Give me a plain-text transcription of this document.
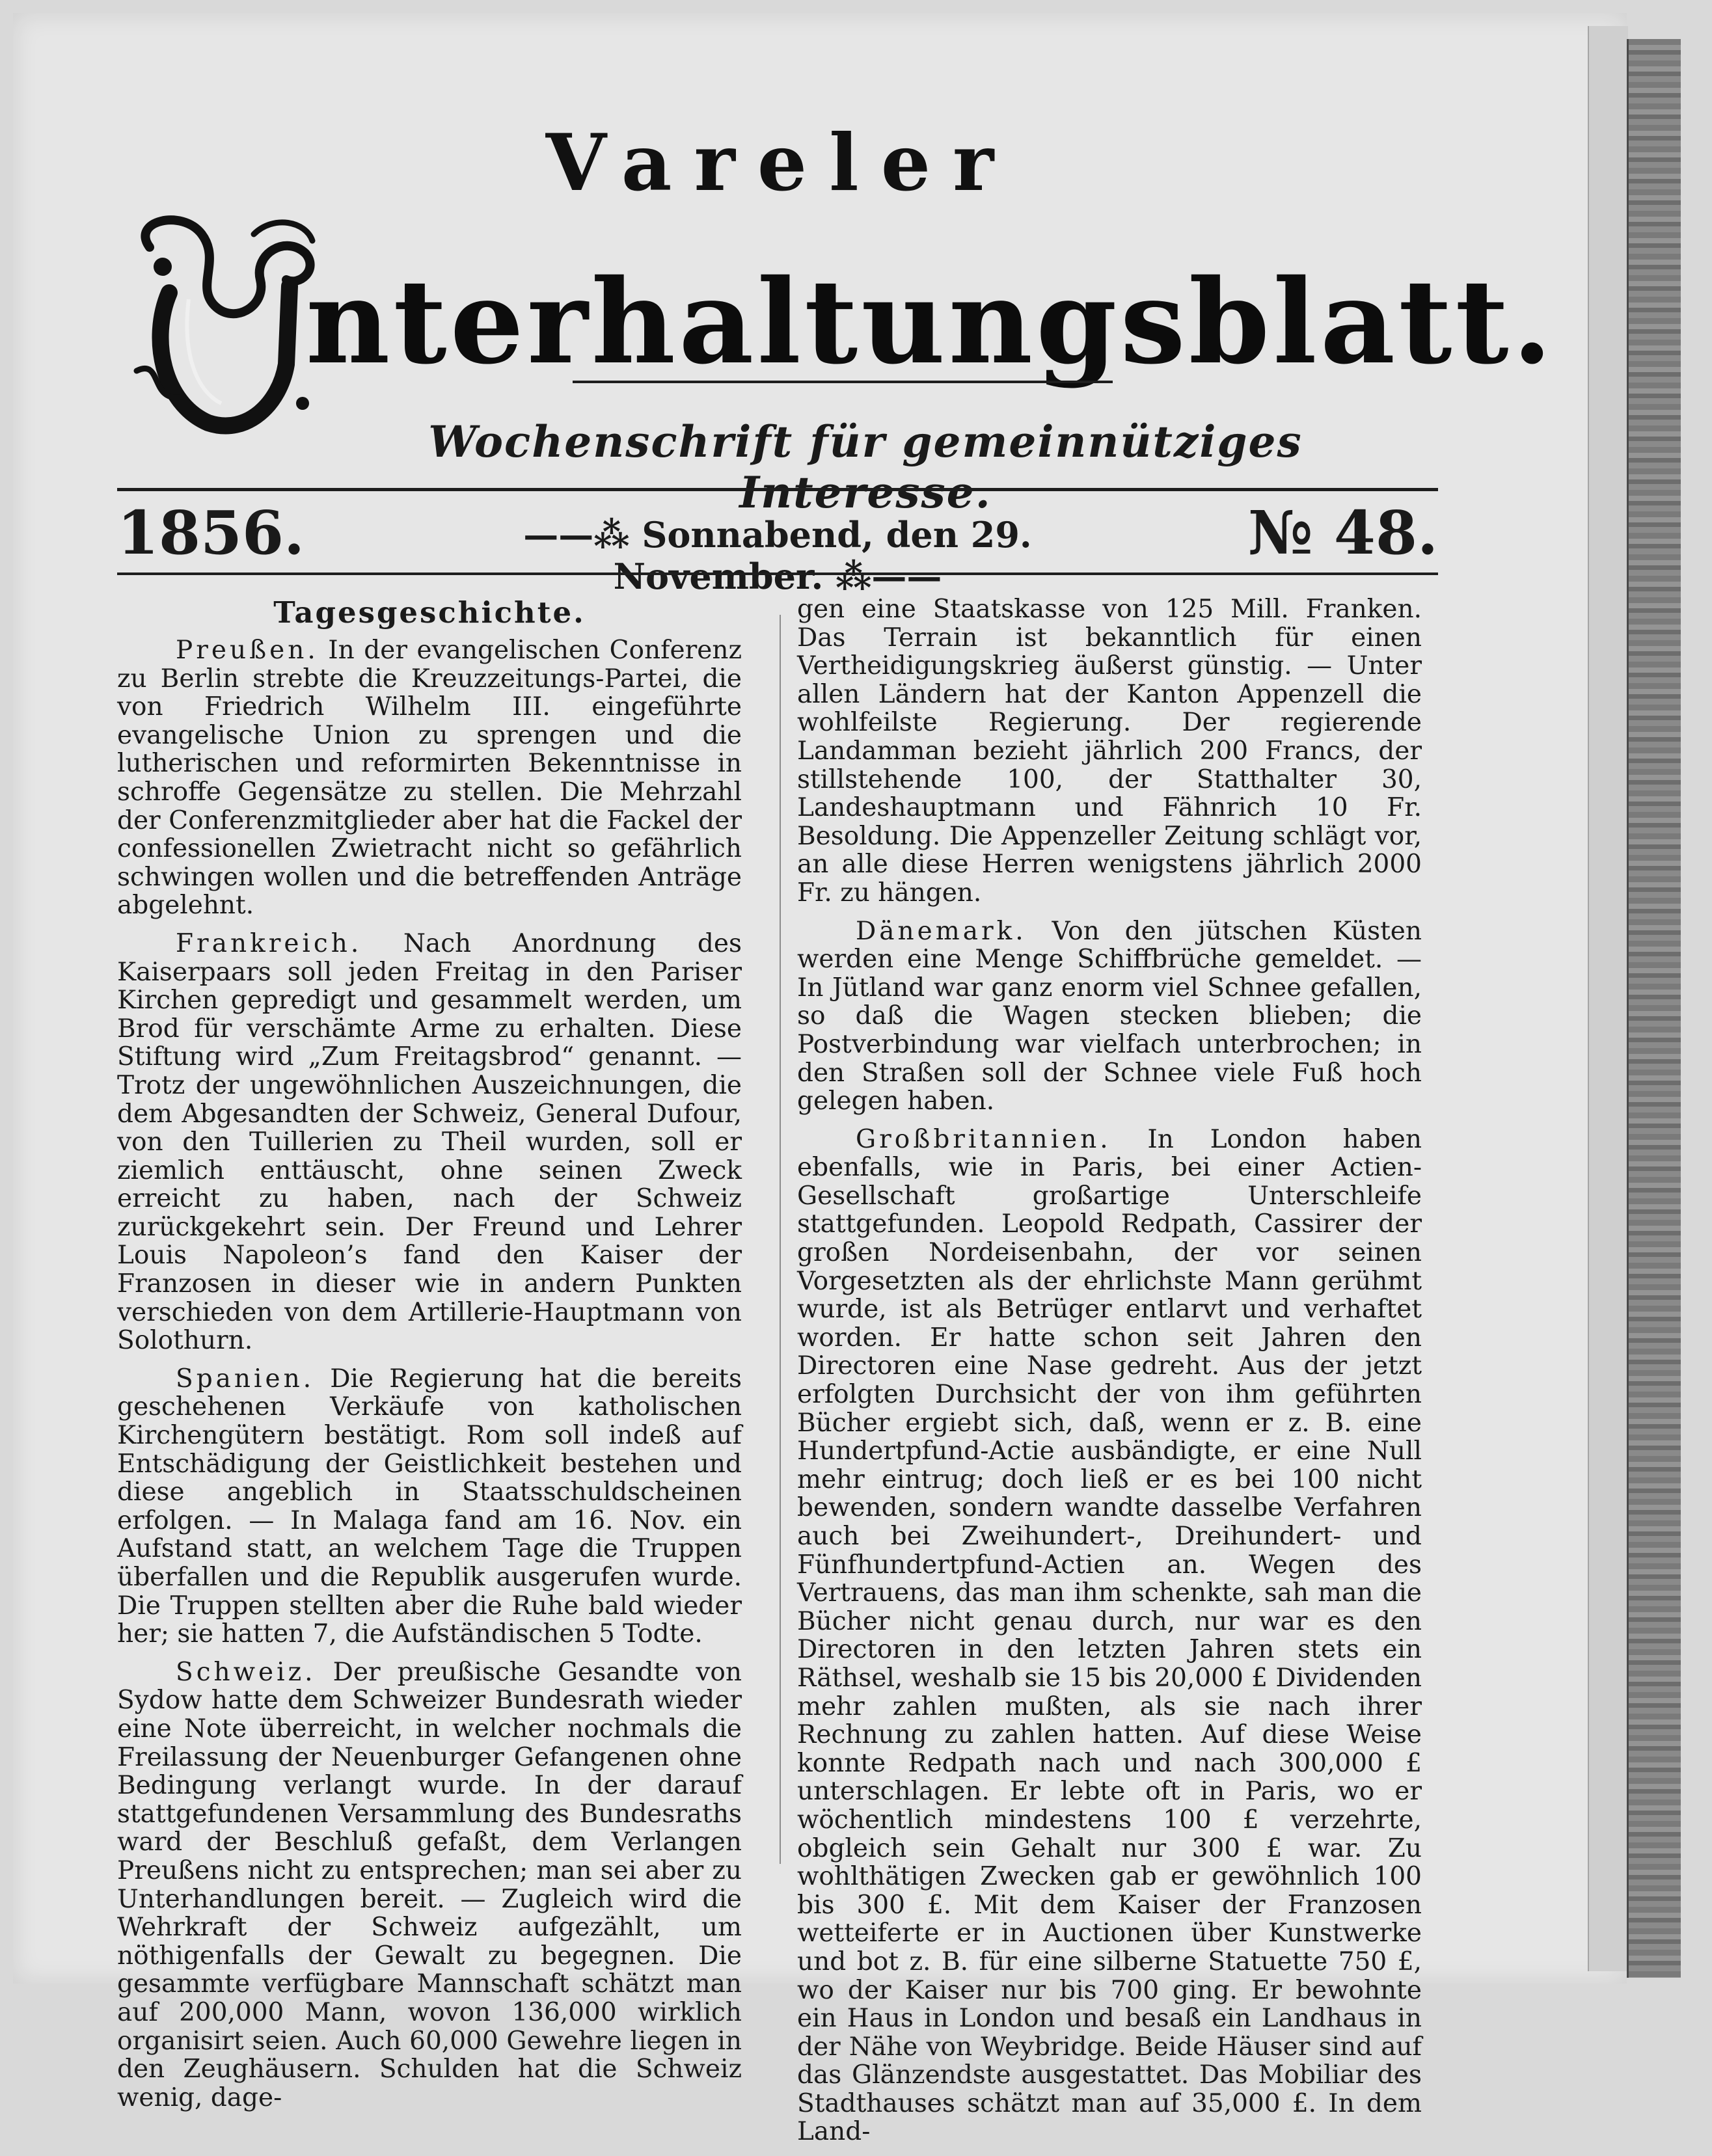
Vareler
nterhaltungsblatt.
Wochenschrift für gemeinnütziges Interesse.
1856.	——⁂ Sonnabend, den 29. November. ⁂——
№ 48.
Tagesgeschichte.

Preußen. In der evangelischen Conferenz zu Berlin strebte die Kreuzzeitungs-Partei, die von Friedrich Wilhelm III. eingeführte evangelische Union zu sprengen und die lutherischen und reformirten Bekenntnisse in schroffe Gegensätze zu stellen. Die Mehrzahl der Conferenzmitglieder aber hat die Fackel der confessionellen Zwietracht nicht so gefährlich schwingen wollen und die betreffenden Anträge abgelehnt.

Frankreich. Nach Anordnung des Kaiserpaars soll jeden Freitag in den Pariser Kirchen gepredigt und gesammelt werden, um Brod für verschämte Arme zu erhalten. Diese Stiftung wird „Zum Freitagsbrod“ genannt. — Trotz der ungewöhnlichen Auszeichnungen, die dem Abgesandten der Schweiz, General Dufour, von den Tuillerien zu Theil wurden, soll er ziemlich enttäuscht, ohne seinen Zweck erreicht zu haben, nach der Schweiz zurückgekehrt sein. Der Freund und Lehrer Louis Napoleon’s fand den Kaiser der Franzosen in dieser wie in andern Punkten verschieden von dem Artillerie-Hauptmann von Solothurn.

Spanien. Die Regierung hat die bereits geschehenen Verkäufe von katholischen Kirchengütern bestätigt. Rom soll indeß auf Entschädigung der Geistlichkeit bestehen und diese angeblich in Staatsschuldscheinen erfolgen. — In Malaga fand am 16. Nov. ein Aufstand statt, an welchem Tage die Truppen überfallen und die Republik ausgerufen wurde. Die Truppen stellten aber die Ruhe bald wieder her; sie hatten 7, die Aufständischen 5 Todte.

Schweiz. Der preußische Gesandte von Sydow hatte dem Schweizer Bundesrath wieder eine Note überreicht, in welcher nochmals die Freilassung der Neuenburger Gefangenen ohne Bedingung verlangt wurde. In der darauf stattgefundenen Versammlung des Bundesraths ward der Beschluß gefaßt, dem Verlangen Preußens nicht zu entsprechen; man sei aber zu Unterhandlungen bereit. — Zugleich wird die Wehrkraft der Schweiz aufgezählt, um nöthigenfalls der Gewalt zu begegnen. Die gesammte verfügbare Mannschaft schätzt man auf 200,000 Mann, wovon 136,000 wirklich organisirt seien. Auch 60,000 Gewehre liegen in den Zeughäusern. Schulden hat die Schweiz wenig, dage-

gen eine Staatskasse von 125 Mill. Franken. Das Terrain ist bekanntlich für einen Vertheidigungskrieg äußerst günstig. — Unter allen Ländern hat der Kanton Appenzell die wohlfeilste Regierung. Der regierende Landamman bezieht jährlich 200 Francs, der stillstehende 100, der Statthalter 30, Landeshauptmann und Fähnrich 10 Fr. Besoldung. Die Appenzeller Zeitung schlägt vor, an alle diese Herren wenigstens jährlich 2000 Fr. zu hängen.

Dänemark. Von den jütschen Küsten werden eine Menge Schiffbrüche gemeldet. — In Jütland war ganz enorm viel Schnee gefallen, so daß die Wagen stecken blieben; die Postverbindung war vielfach unterbrochen; in den Straßen soll der Schnee viele Fuß hoch gelegen haben.

Großbritannien. In London haben ebenfalls, wie in Paris, bei einer Actien-Gesellschaft großartige Unterschleife stattgefunden. Leopold Redpath, Cassirer der großen Nordeisenbahn, der vor seinen Vorgesetzten als der ehrlichste Mann gerühmt wurde, ist als Betrüger entlarvt und verhaftet worden. Er hatte schon seit Jahren den Directoren eine Nase gedreht. Aus der jetzt erfolgten Durchsicht der von ihm geführten Bücher ergiebt sich, daß, wenn er z. B. eine Hundertpfund-Actie ausbändigte, er eine Null mehr eintrug; doch ließ er es bei 100 nicht bewenden, sondern wandte dasselbe Verfahren auch bei Zweihundert-, Dreihundert- und Fünfhundertpfund-Actien an. Wegen des Vertrauens, das man ihm schenkte, sah man die Bücher nicht genau durch, nur war es den Directoren in den letzten Jahren stets ein Räthsel, weshalb sie 15 bis 20,000 £ Dividenden mehr zahlen mußten, als sie nach ihrer Rechnung zu zahlen hatten. Auf diese Weise konnte Redpath nach und nach 300,000 £ unterschlagen. Er lebte oft in Paris, wo er wöchentlich mindestens 100 £ verzehrte, obgleich sein Gehalt nur 300 £ war. Zu wohlthätigen Zwecken gab er gewöhnlich 100 bis 300 £. Mit dem Kaiser der Franzosen wetteiferte er in Auctionen über Kunstwerke und bot z. B. für eine silberne Statuette 750 £, wo der Kaiser nur bis 700 ging. Er bewohnte ein Haus in London und besaß ein Landhaus in der Nähe von Weybridge. Beide Häuser sind auf das Glänzendste ausgestattet. Das Mobiliar des Stadthauses schätzt man auf 35,000 £. In dem Land-
